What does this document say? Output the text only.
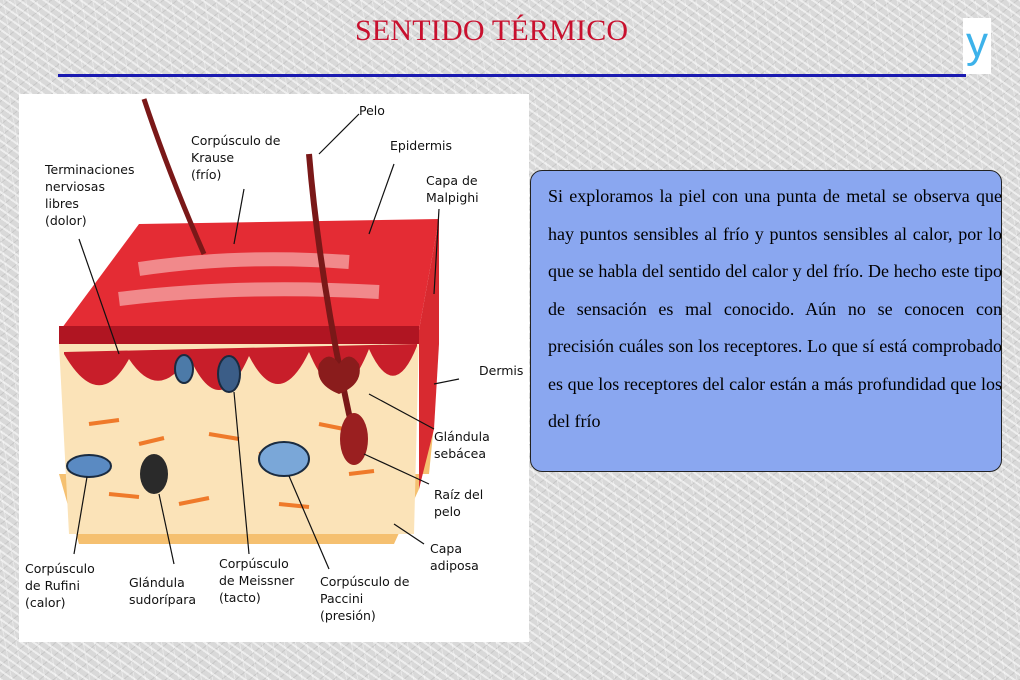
SENTIDO TÉRMICO	y
Pelo
Corpúsculo de
Krause
(frío)
Epidermis
Terminaciones
nerviosas
libres
(dolor)
Capa de
Malpighi
Dermis
Glándula
sebácea
Raíz del
pelo
Capa
adiposa
Corpúsculo
de Rufini
(calor)
Glándula
sudorípara
Corpúsculo
de Meissner
(tacto)
Corpúsculo de
Paccini
(presión)
Si exploramos la piel con una punta de metal se observa que hay puntos sensibles al frío y puntos sensibles al calor, por lo que se habla del sentido del calor y del frío. De hecho este tipo de sensación es mal conocido. Aún no se conocen con precisión cuáles son los receptores. Lo que sí está comprobado es que los receptores del calor están a más profundidad que los del frío
